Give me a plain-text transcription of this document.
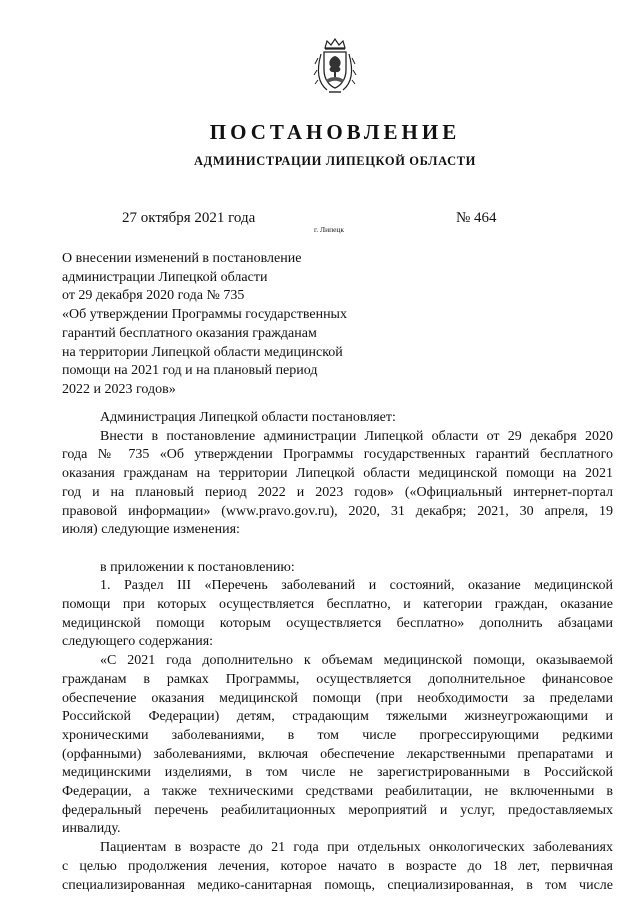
ПОСТАНОВЛЕНИЕ
АДМИНИСТРАЦИИ ЛИПЕЦКОЙ ОБЛАСТИ
27 октября 2021 года
г. Липецк
№ 464
О внесении изменений в постановление
администрации Липецкой области
от 29 декабря 2020 года № 735
«Об утверждении Программы государственных
гарантий бесплатного оказания гражданам
на территории Липецкой области медицинской
помощи на 2021 год и на плановый период
2022 и 2023 годов»
Администрация Липецкой области постановляет:
Внести в постановление администрации Липецкой области от 29 декабря 2020
года № 735 «Об утверждении Программы государственных гарантий бесплатного
оказания гражданам на территории Липецкой области медицинской помощи на 2021
год и на плановый период 2022 и 2023 годов» («Официальный интернет-портал
правовой информации» (www.pravo.gov.ru), 2020, 31 декабря; 2021, 30 апреля, 19
июля) следующие изменения:
в приложении к постановлению:
1. Раздел III «Перечень заболеваний и состояний, оказание медицинской
помощи при которых осуществляется бесплатно, и категории граждан, оказание
медицинской помощи которым осуществляется бесплатно» дополнить абзацами
следующего содержания:
«С 2021 года дополнительно к объемам медицинской помощи, оказываемой
гражданам в рамках Программы, осуществляется дополнительное финансовое
обеспечение оказания медицинской помощи (при необходимости за пределами
Российской Федерации) детям, страдающим тяжелыми жизнеугрожающими и
хроническими заболеваниями, в том числе прогрессирующими редкими
(орфанными) заболеваниями, включая обеспечение лекарственными препаратами и
медицинскими изделиями, в том числе не зарегистрированными в Российской
Федерации, а также техническими средствами реабилитации, не включенными в
федеральный перечень реабилитационных мероприятий и услуг, предоставляемых
инвалиду.
Пациентам в возрасте до 21 года при отдельных онкологических заболеваниях
с целью продолжения лечения, которое начато в возрасте до 18 лет, первичная
специализированная медико-санитарная помощь, специализированная, в том числе
